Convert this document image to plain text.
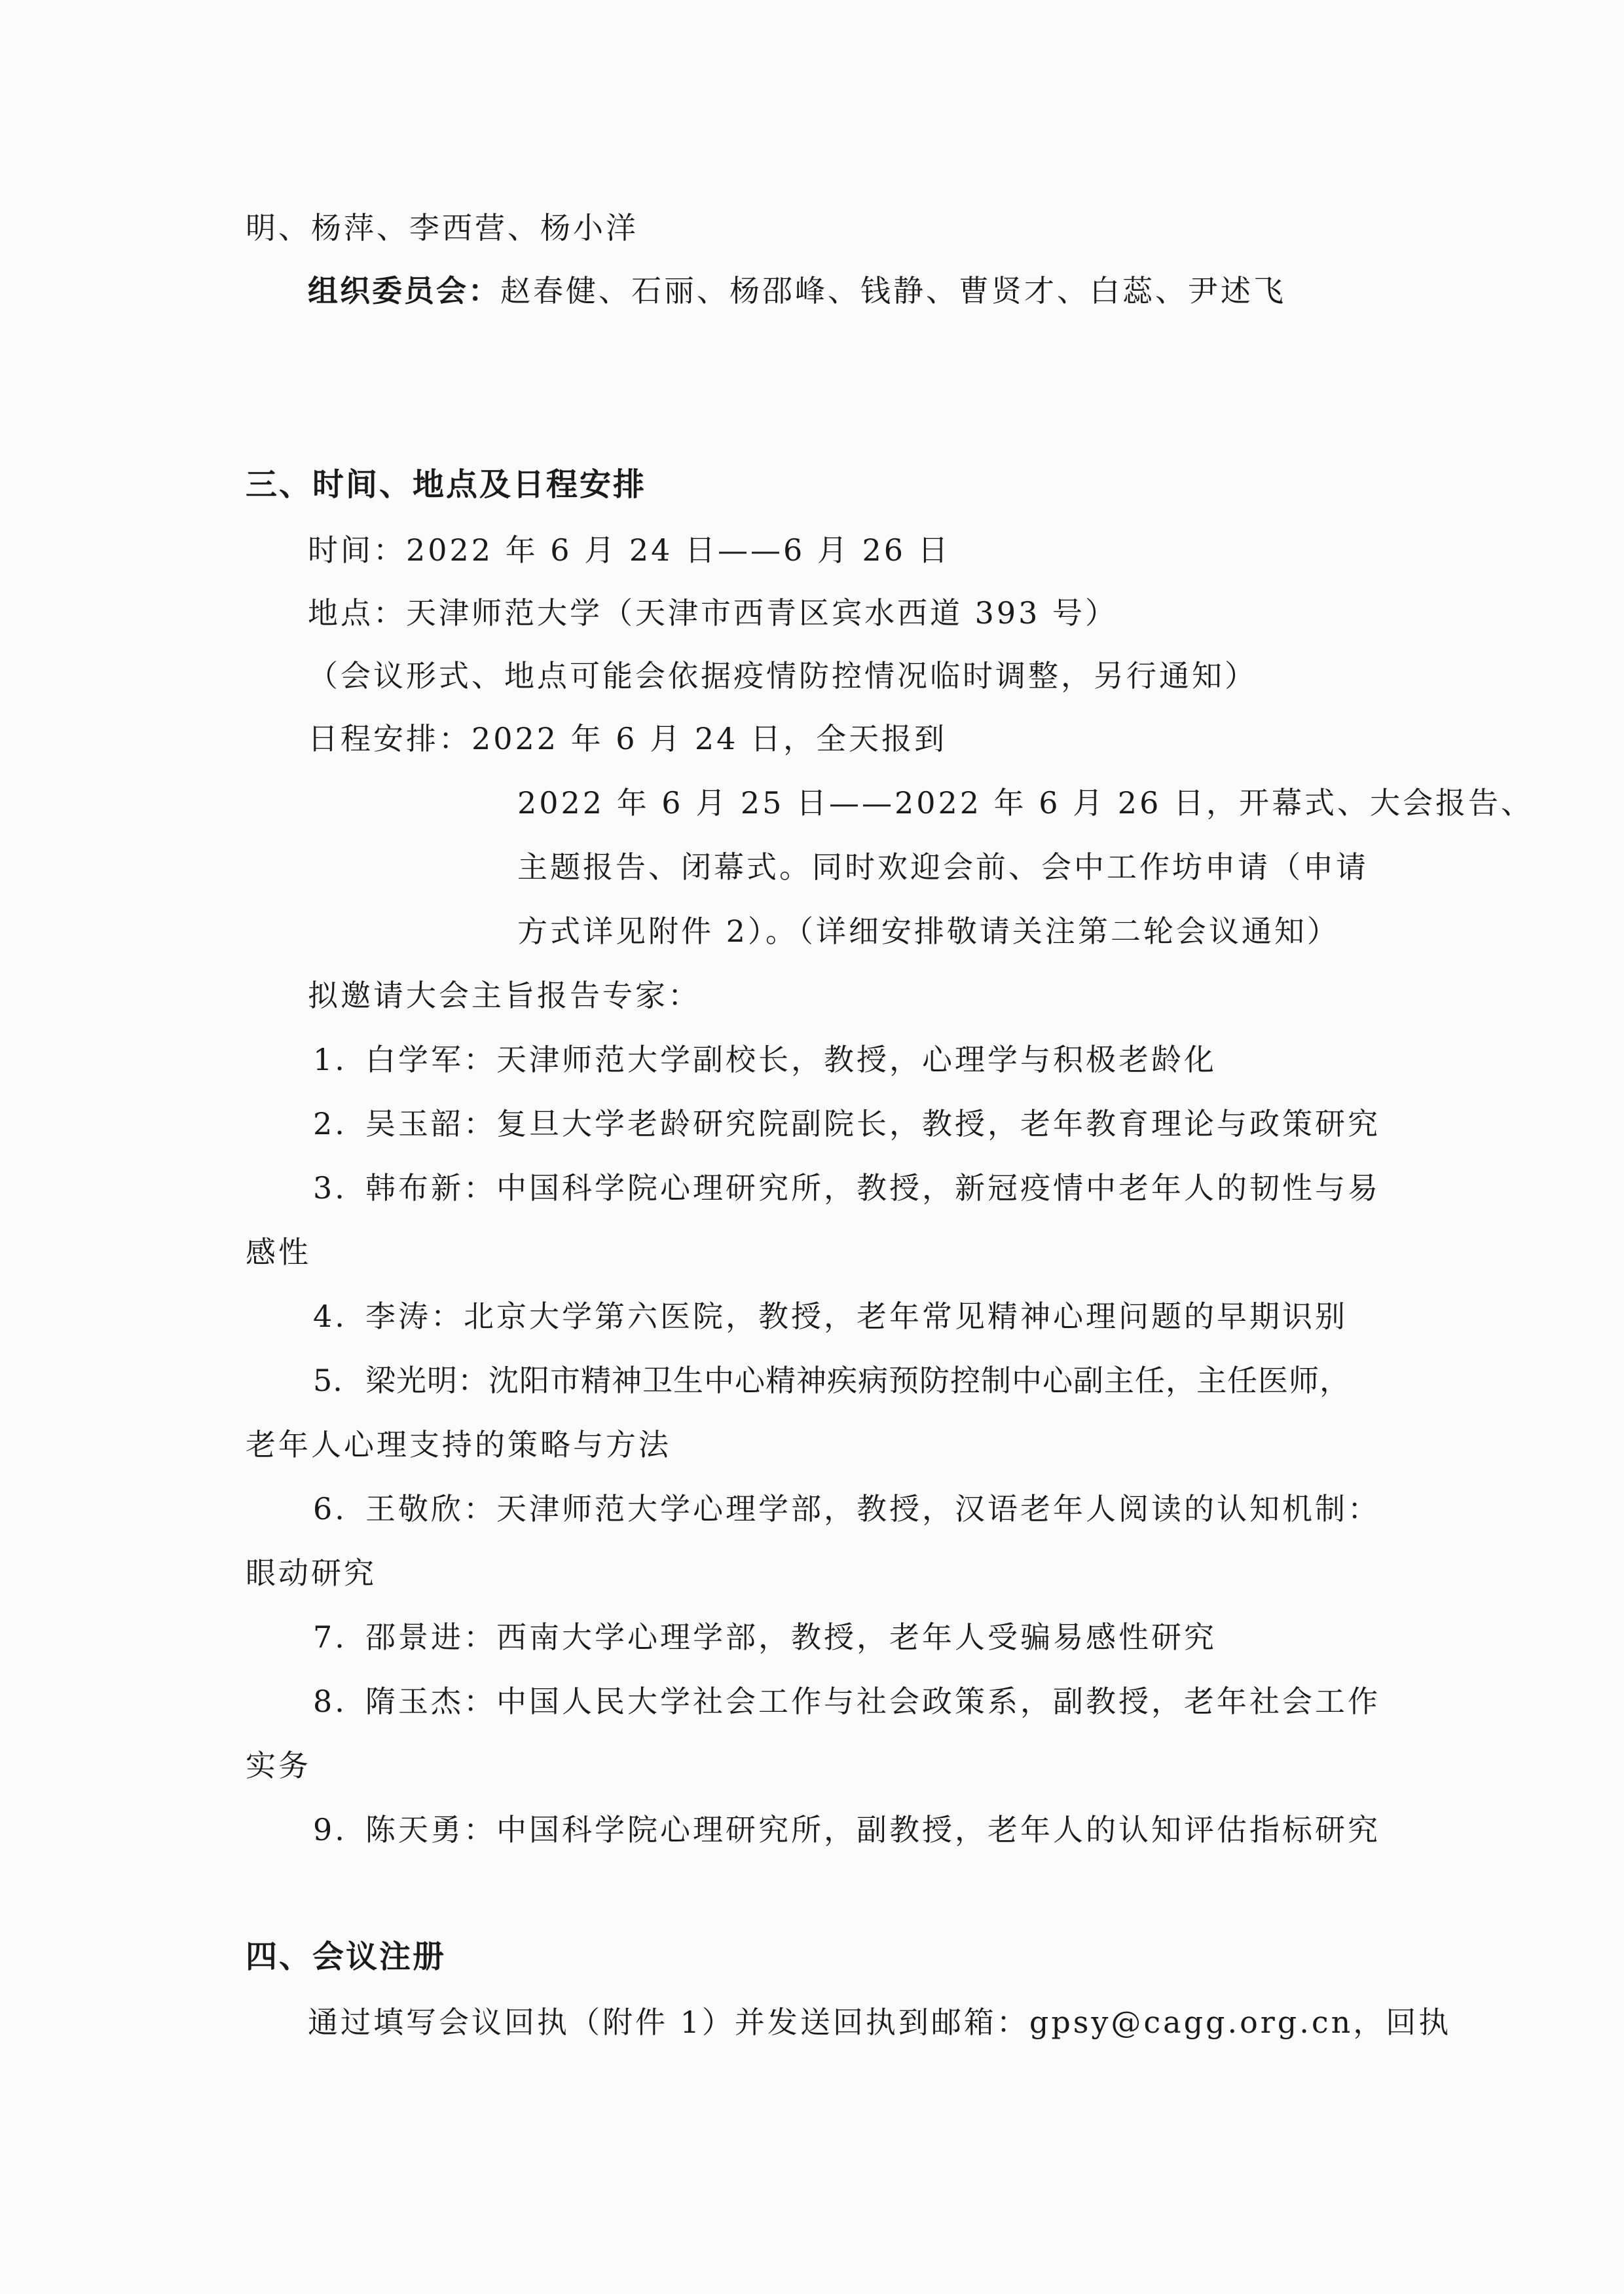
明、杨萍、李西营、杨小洋
组织委员会：赵春健、石丽、杨邵峰、钱静、曹贤才、白蕊、尹述飞
三、时间、地点及日程安排
时间：2022 年 6 月 24 日——6 月 26 日
地点：天津师范大学（天津市西青区宾水西道 393 号）
（会议形式、地点可能会依据疫情防控情况临时调整，另行通知）
日程安排：2022 年 6 月 24 日，全天报到
2022 年 6 月 25 日——2022 年 6 月 26 日，开幕式、大会报告、
主题报告、闭幕式。同时欢迎会前、会中工作坊申请（申请
方式详见附件 2）。（详细安排敬请关注第二轮会议通知）
拟邀请大会主旨报告专家：
1. 白学军：天津师范大学副校长，教授，心理学与积极老龄化
2. 吴玉韶：复旦大学老龄研究院副院长，教授，老年教育理论与政策研究
3. 韩布新：中国科学院心理研究所，教授，新冠疫情中老年人的韧性与易
感性
4. 李涛：北京大学第六医院，教授，老年常见精神心理问题的早期识别
5. 梁光明：沈阳市精神卫生中心精神疾病预防控制中心副主任，主任医师，
老年人心理支持的策略与方法
6. 王敬欣：天津师范大学心理学部，教授，汉语老年人阅读的认知机制：
眼动研究
7. 邵景进：西南大学心理学部，教授，老年人受骗易感性研究
8. 隋玉杰：中国人民大学社会工作与社会政策系，副教授，老年社会工作
实务
9. 陈天勇：中国科学院心理研究所，副教授，老年人的认知评估指标研究
四、会议注册
通过填写会议回执（附件 1）并发送回执到邮箱：gpsy@cagg.org.cn，回执
